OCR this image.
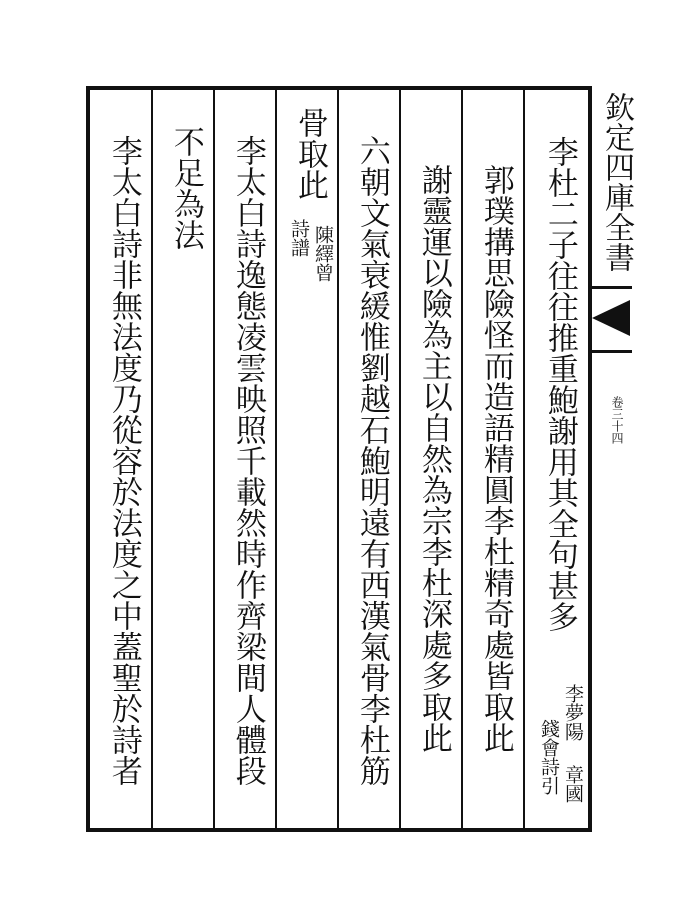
欽定四庫全書
卷三十四
李杜二子往往推重鮑謝用其全句甚多
錢會詩引李夢陽
章國
郭璞搆思險怪而造語精圓李杜精奇處皆取此
謝靈運以險為主以自然為宗李杜深處多取此
六朝文氣衰緩惟劉越石鮑明遠有西漢氣骨李杜筋
骨取此
詩譜 陳繹曾
李太白詩逸態凌雲映照千載然時作齊梁間人體段
不足為法
李太白詩非無法度乃從容於法度之中蓋聖於詩者
